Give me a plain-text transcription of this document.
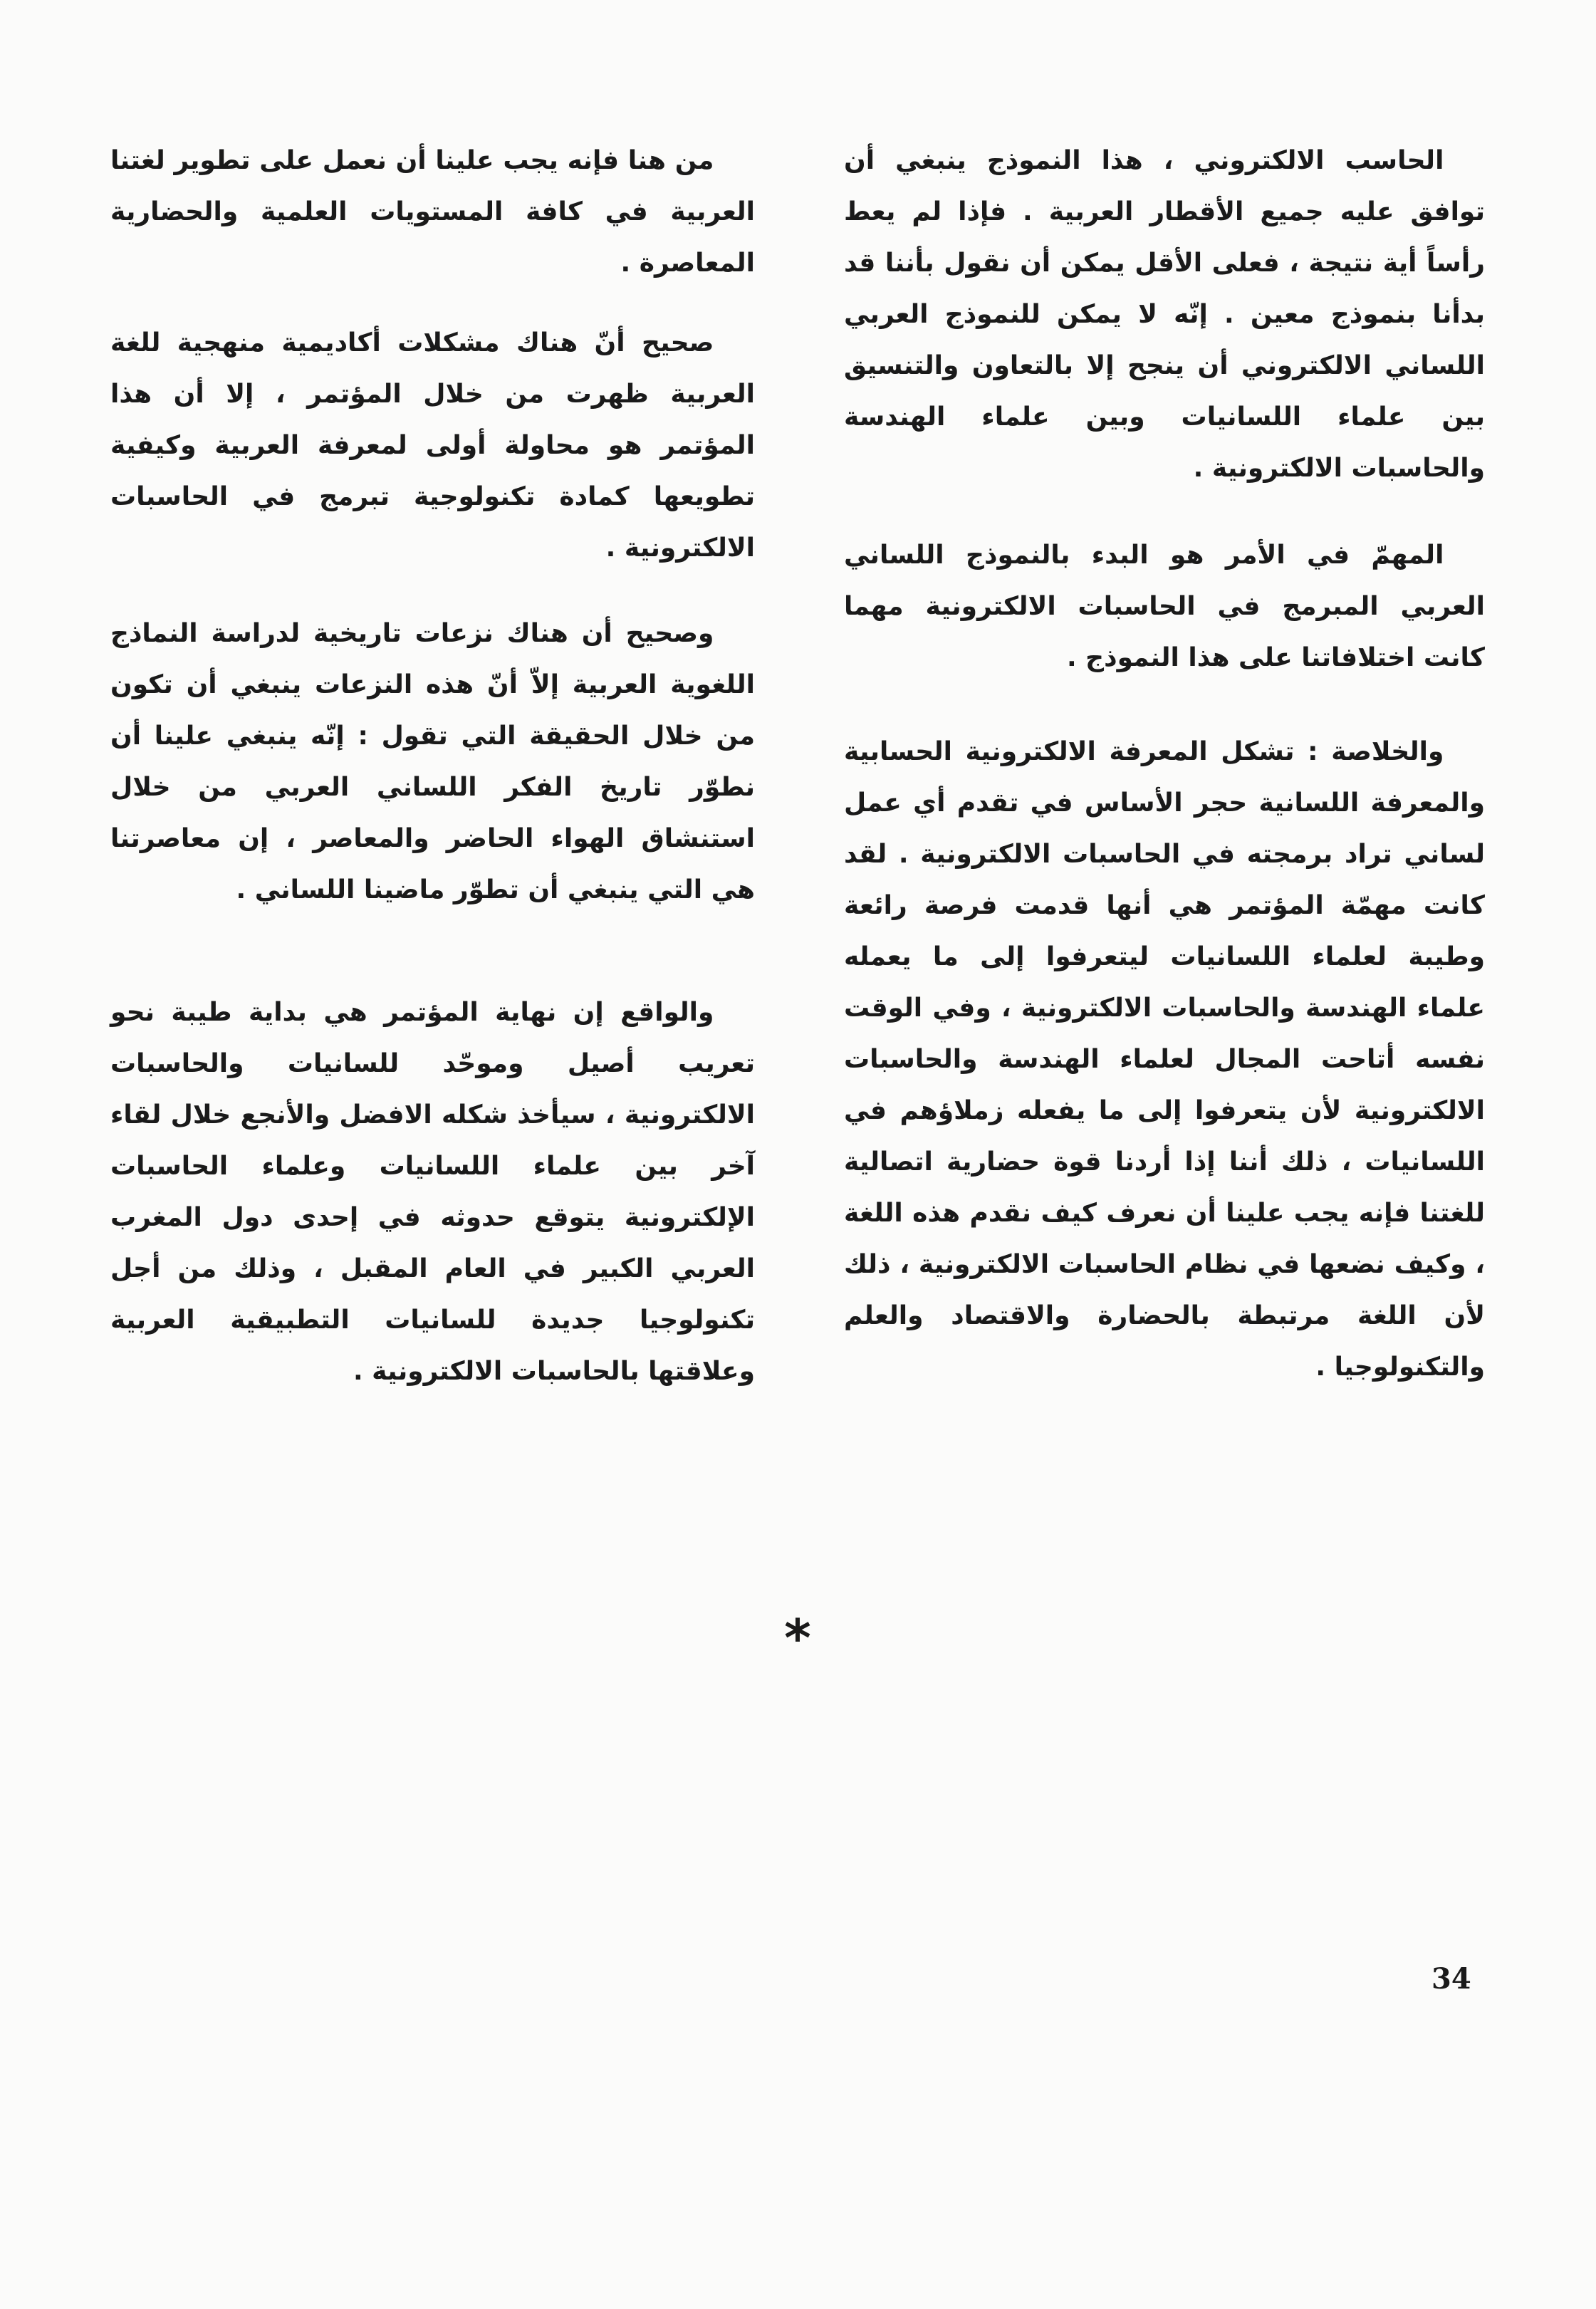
الحاسب الالكتروني ، هذا النموذج ينبغي أن توافق عليه جميع الأقطار العربية . فإذا لم يعط رأساً أية نتيجة ، فعلى الأقل يمكن أن نقول بأننا قد بدأنا بنموذج معين . إنّه لا يمكن للنموذج العربي اللساني الالكتروني أن ينجح إلا بالتعاون والتنسيق بين علماء اللسانيات وبين علماء الهندسة والحاسبات الالكترونية .

المهمّ في الأمر هو البدء بالنموذج اللساني العربي المبرمج في الحاسبات الالكترونية مهما كانت اختلافاتنا على هذا النموذج .

والخلاصة : تشكل المعرفة الالكترونية الحسابية والمعرفة اللسانية حجر الأساس في تقدم أي عمل لساني تراد برمجته في الحاسبات الالكترونية . لقد كانت مهمّة المؤتمر هي أنها قدمت فرصة رائعة وطيبة لعلماء اللسانيات ليتعرفوا إلى ما يعمله علماء الهندسة والحاسبات الالكترونية ، وفي الوقت نفسه أتاحت المجال لعلماء الهندسة والحاسبات الالكترونية لأن يتعرفوا إلى ما يفعله زملاؤهم في اللسانيات ، ذلك أننا إذا أردنا قوة حضارية اتصالية للغتنا فإنه يجب علينا أن نعرف كيف نقدم هذه اللغة ، وكيف نضعها في نظام الحاسبات الالكترونية ، ذلك لأن اللغة مرتبطة بالحضارة والاقتصاد والعلم والتكنولوجيا .

من هنا فإنه يجب علينا أن نعمل على تطوير لغتنا العربية في كافة المستويات العلمية والحضارية المعاصرة .

صحيح أنّ هناك مشكلات أكاديمية منهجية للغة العربية ظهرت من خلال المؤتمر ، إلا أن هذا المؤتمر هو محاولة أولى لمعرفة العربية وكيفية تطويعها كمادة تكنولوجية تبرمج في الحاسبات الالكترونية .

وصحيح أن هناك نزعات تاريخية لدراسة النماذج اللغوية العربية إلاّ أنّ هذه النزعات ينبغي أن تكون من خلال الحقيقة التي تقول : إنّه ينبغي علينا أن نطوّر تاريخ الفكر اللساني العربي من خلال استنشاق الهواء الحاضر والمعاصر ، إن معاصرتنا هي التي ينبغي أن تطوّر ماضينا اللساني .

والواقع إن نهاية المؤتمر هي بداية طيبة نحو تعريب أصيل وموحّد للسانيات والحاسبات الالكترونية ، سيأخذ شكله الافضل والأنجع خلال لقاء آخر بين علماء اللسانيات وعلماء الحاسبات الإلكترونية يتوقع حدوثه في إحدى دول المغرب العربي الكبير في العام المقبل ، وذلك من أجل تكنولوجيا جديدة للسانيات التطبيقية العربية وعلاقتها بالحاسبات الالكترونية .

*
34
